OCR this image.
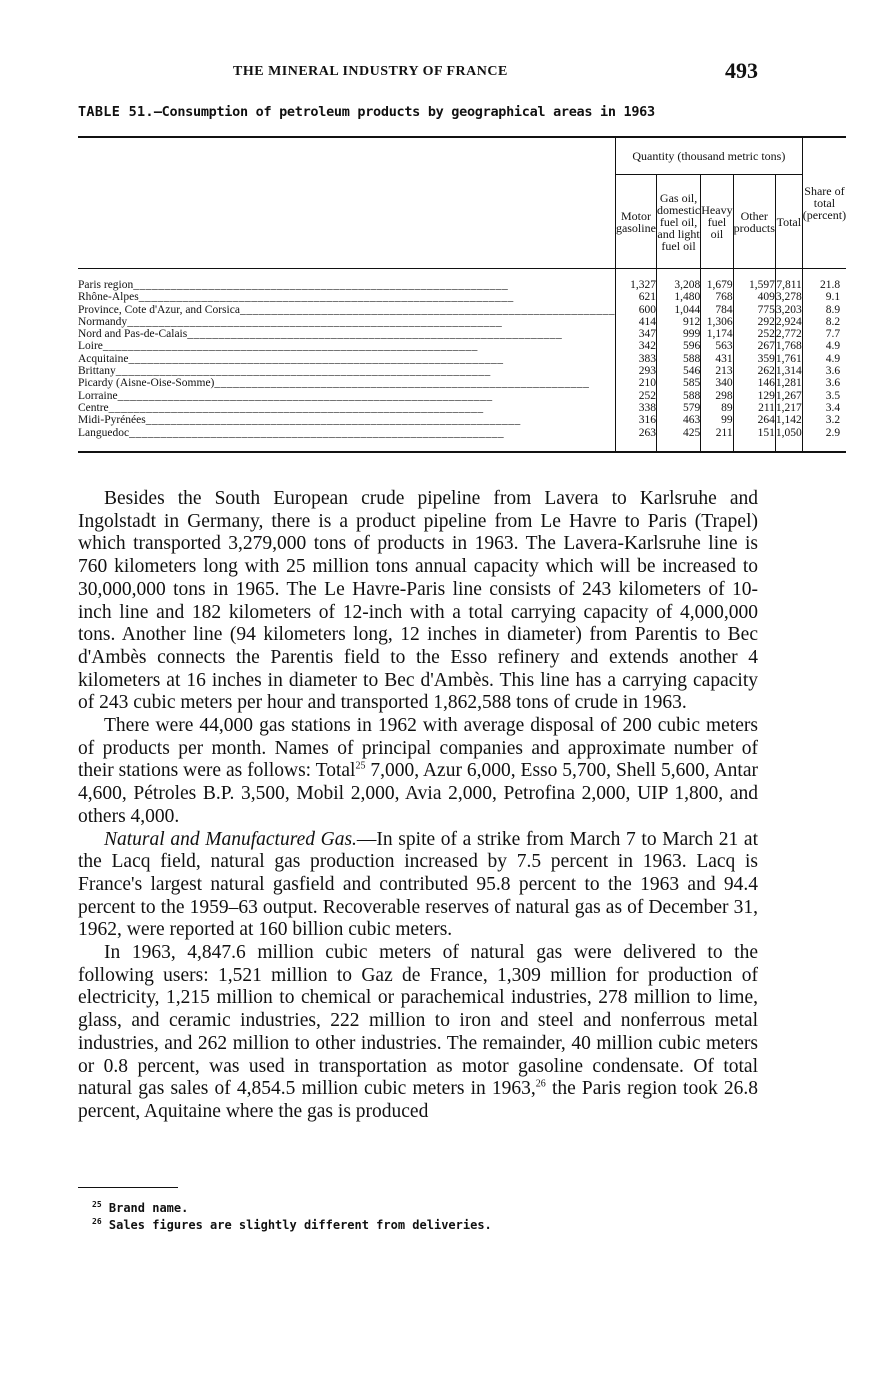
THE MINERAL INDUSTRY OF FRANCE	493
TABLE 51.—Consumption of petroleum products by geographical areas in 1963
	Quantity (thousand metric tons)					Share of total (percent)
	Motor gasoline	Gas oil, domestic fuel oil, and light fuel oil	Heavy fuel oil	Other products	Total	
Paris region____________________________________________________________	1,327	3,208	1,679	1,597	7,811	21.8
Rhône-Alpes____________________________________________________________	621	1,480	768	409	3,278	9.1
Province, Cote d'Azur, and Corsica____________________________________________________________	600	1,044	784	775	3,203	8.9
Normandy____________________________________________________________	414	912	1,306	292	2,924	8.2
Nord and Pas-de-Calais____________________________________________________________	347	999	1,174	252	2,772	7.7
Loire____________________________________________________________	342	596	563	267	1,768	4.9
Acquitaine____________________________________________________________	383	588	431	359	1,761	4.9
Brittany____________________________________________________________	293	546	213	262	1,314	3.6
Picardy (Aisne-Oise-Somme)____________________________________________________________	210	585	340	146	1,281	3.6
Lorraine____________________________________________________________	252	588	298	129	1,267	3.5
Centre____________________________________________________________	338	579	89	211	1,217	3.4
Midi-Pyrénées____________________________________________________________	316	463	99	264	1,142	3.2
Languedoc____________________________________________________________	263	425	211	151	1,050	2.9

Besides the South European crude pipeline from Lavera to Karlsruhe and Ingolstadt in Germany, there is a product pipeline from Le Havre to Paris (Trapel) which transported 3,279,000 tons of products in 1963. The Lavera-Karlsruhe line is 760 kilometers long with 25 million tons annual capacity which will be increased to 30,000,000 tons in 1965. The Le Havre-Paris line consists of 243 kilometers of 10-inch line and 182 kilometers of 12-inch with a total carrying capacity of 4,000,000 tons. Another line (94 kilometers long, 12 inches in diameter) from Parentis to Bec d'Ambès connects the Parentis field to the Esso refinery and extends another 4 kilometers at 16 inches in diameter to Bec d'Ambès. This line has a carrying capacity of 243 cubic meters per hour and transported 1,862,588 tons of crude in 1963.

There were 44,000 gas stations in 1962 with average disposal of 200 cubic meters of products per month. Names of principal companies and approximate number of their stations were as follows: Total$^{25}$ 7,000, Azur 6,000, Esso 5,700, Shell 5,600, Antar 4,600, Pétroles B.P. 3,500, Mobil 2,000, Avia 2,000, Petrofina 2,000, UIP 1,800, and others 4,000.

Natural and Manufactured Gas.—In spite of a strike from March 7 to March 21 at the Lacq field, natural gas production increased by 7.5 percent in 1963. Lacq is France's largest natural gasfield and contributed 95.8 percent to the 1963 and 94.4 percent to the 1959–63 output. Recoverable reserves of natural gas as of December 31, 1962, were reported at 160 billion cubic meters.

In 1963, 4,847.6 million cubic meters of natural gas were delivered to the following users: 1,521 million to Gaz de France, 1,309 million for production of electricity, 1,215 million to chemical or parachemical industries, 278 million to lime, glass, and ceramic industries, 222 million to iron and steel and nonferrous metal industries, and 262 million to other industries. The remainder, 40 million cubic meters or 0.8 percent, was used in transportation as motor gasoline condensate. Of total natural gas sales of 4,854.5 million cubic meters in 1963,26 the Paris region took 26.8 percent, Aquitaine where the gas is produced

$^{25}$ Brand name.
$^{26}$ Sales figures are slightly different from deliveries.
